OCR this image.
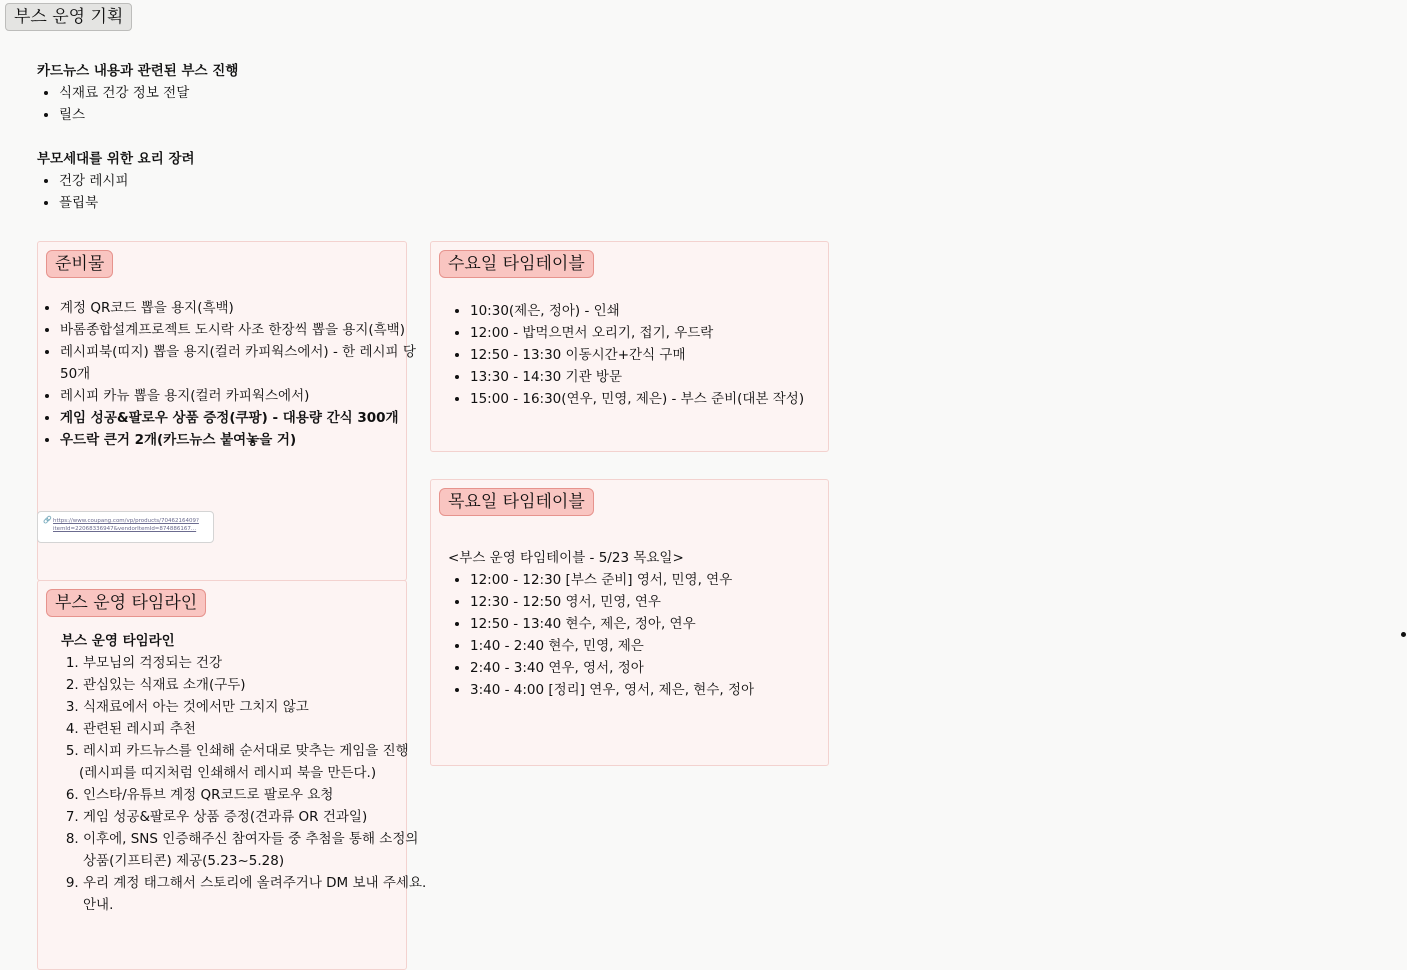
부스 운영 기획
카드뉴스 내용과 관련된 부스 진행
• 식재료 건강 정보 전달
• 릴스
부모세대를 위한 요리 장려
• 건강 레시피
• 플립북
준비물
• 계정 QR코드 뽑을 용지(흑백)
• 바롬종합설계프로젝트 도시락 사조 한장씩 뽑을 용지(흑백)
• 레시피북(띠지) 뽑을 용지(컬러 카피웍스에서) - 한 레시피 당 50개
• 레시피 카뉴 뽑을 용지(컬러 카피웍스에서)
• 게임 성공&팔로우 상품 증정(쿠팡) - 대용량 간식 300개
• 우드락 큰거 2개(카드뉴스 붙여놓을 거)
🔗 https://www.coupang.com/vp/products/7046216409?
itemId=22068336947&vendorItemId=874886167...
부스 운영 타임라인
부스 운영 타임라인
1. 부모님의 걱정되는 건강
2. 관심있는 식재료 소개(구두)
3. 식재료에서 아는 것에서만 그치지 않고
4. 관련된 레시피 추천
5. 레시피 카드뉴스를 인쇄해 순서대로 맞추는 게임을 진행
(레시피를 띠지처럼 인쇄해서 레시피 북을 만든다.)
6. 인스타/유튜브 계정 QR코드로 팔로우 요청
7. 게임 성공&팔로우 상품 증정(견과류 OR 건과일)
8. 이후에, SNS 인증해주신 참여자들 중 추첨을 통해 소정의 상품(기프티콘) 제공(5.23~5.28)
9. 우리 계정 태그해서 스토리에 올려주거나 DM 보내 주세요. 안내.
수요일 타임테이블
• 10:30(제은, 정아) - 인쇄
• 12:00 - 밥먹으면서 오리기, 접기, 우드락
• 12:50 - 13:30 이동시간+간식 구매
• 13:30 - 14:30 기관 방문
• 15:00 - 16:30(연우, 민영, 제은) - 부스 준비(대본 작성)
목요일 타임테이블
<부스 운영 타임테이블 - 5/23 목요일>
• 12:00 - 12:30 [부스 준비] 영서, 민영, 연우
• 12:30 - 12:50 영서, 민영, 연우
• 12:50 - 13:40 현수, 제은, 정아, 연우
• 1:40 - 2:40 현수, 민영, 제은
• 2:40 - 3:40 연우, 영서, 정아
• 3:40 - 4:00 [정리] 연우, 영서, 제은, 현수, 정아
